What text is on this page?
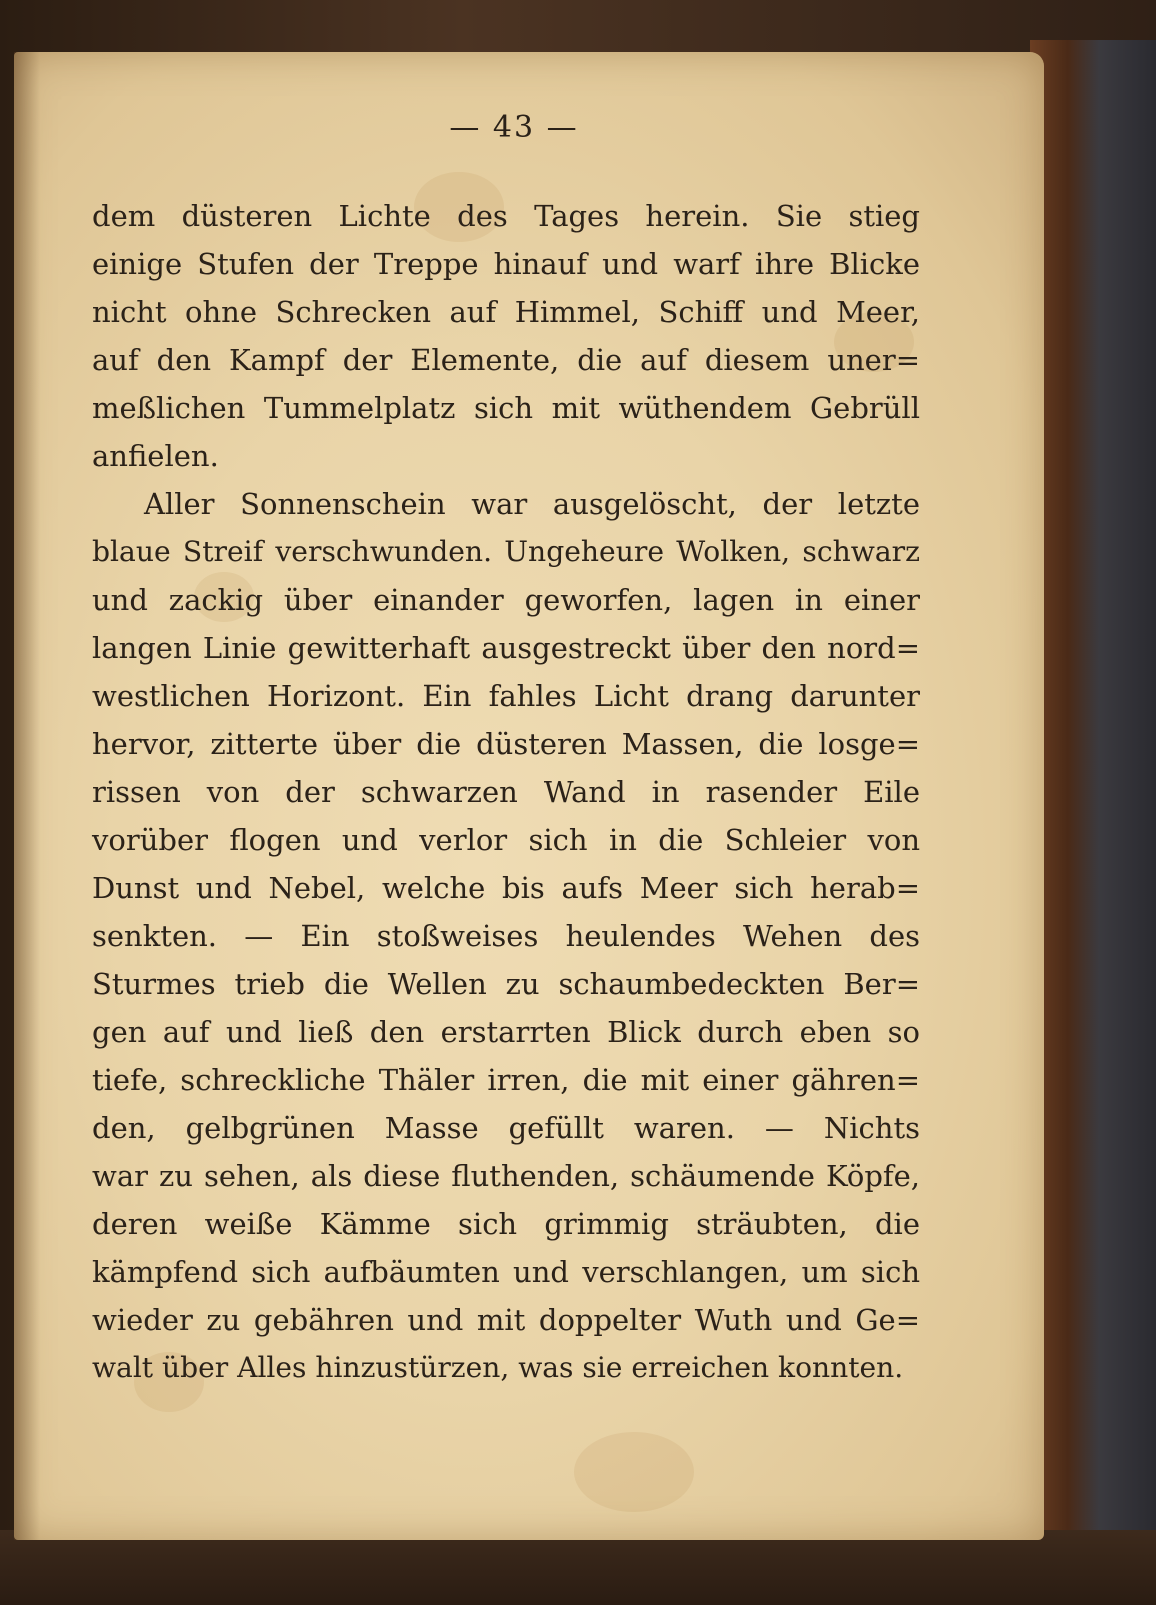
— 43 —
dem düsteren Lichte des Tages herein. Sie stieg
einige Stufen der Treppe hinauf und warf ihre Blicke
nicht ohne Schrecken auf Himmel, Schiff und Meer,
auf den Kampf der Elemente, die auf diesem uner=
meßlichen Tummelplatz sich mit wüthendem Gebrüll
anfielen.
Aller Sonnenschein war ausgelöscht, der letzte
blaue Streif verschwunden. Ungeheure Wolken, schwarz
und zackig über einander geworfen, lagen in einer
langen Linie gewitterhaft ausgestreckt über den nord=
westlichen Horizont. Ein fahles Licht drang darunter
hervor, zitterte über die düsteren Massen, die losge=
rissen von der schwarzen Wand in rasender Eile
vorüber flogen und verlor sich in die Schleier von
Dunst und Nebel, welche bis aufs Meer sich herab=
senkten. — Ein stoßweises heulendes Wehen des
Sturmes trieb die Wellen zu schaumbedeckten Ber=
gen auf und ließ den erstarrten Blick durch eben so
tiefe, schreckliche Thäler irren, die mit einer gähren=
den, gelbgrünen Masse gefüllt waren. — Nichts
war zu sehen, als diese fluthenden, schäumende Köpfe,
deren weiße Kämme sich grimmig sträubten, die
kämpfend sich aufbäumten und verschlangen, um sich
wieder zu gebähren und mit doppelter Wuth und Ge=
walt über Alles hinzustürzen, was sie erreichen konnten.
